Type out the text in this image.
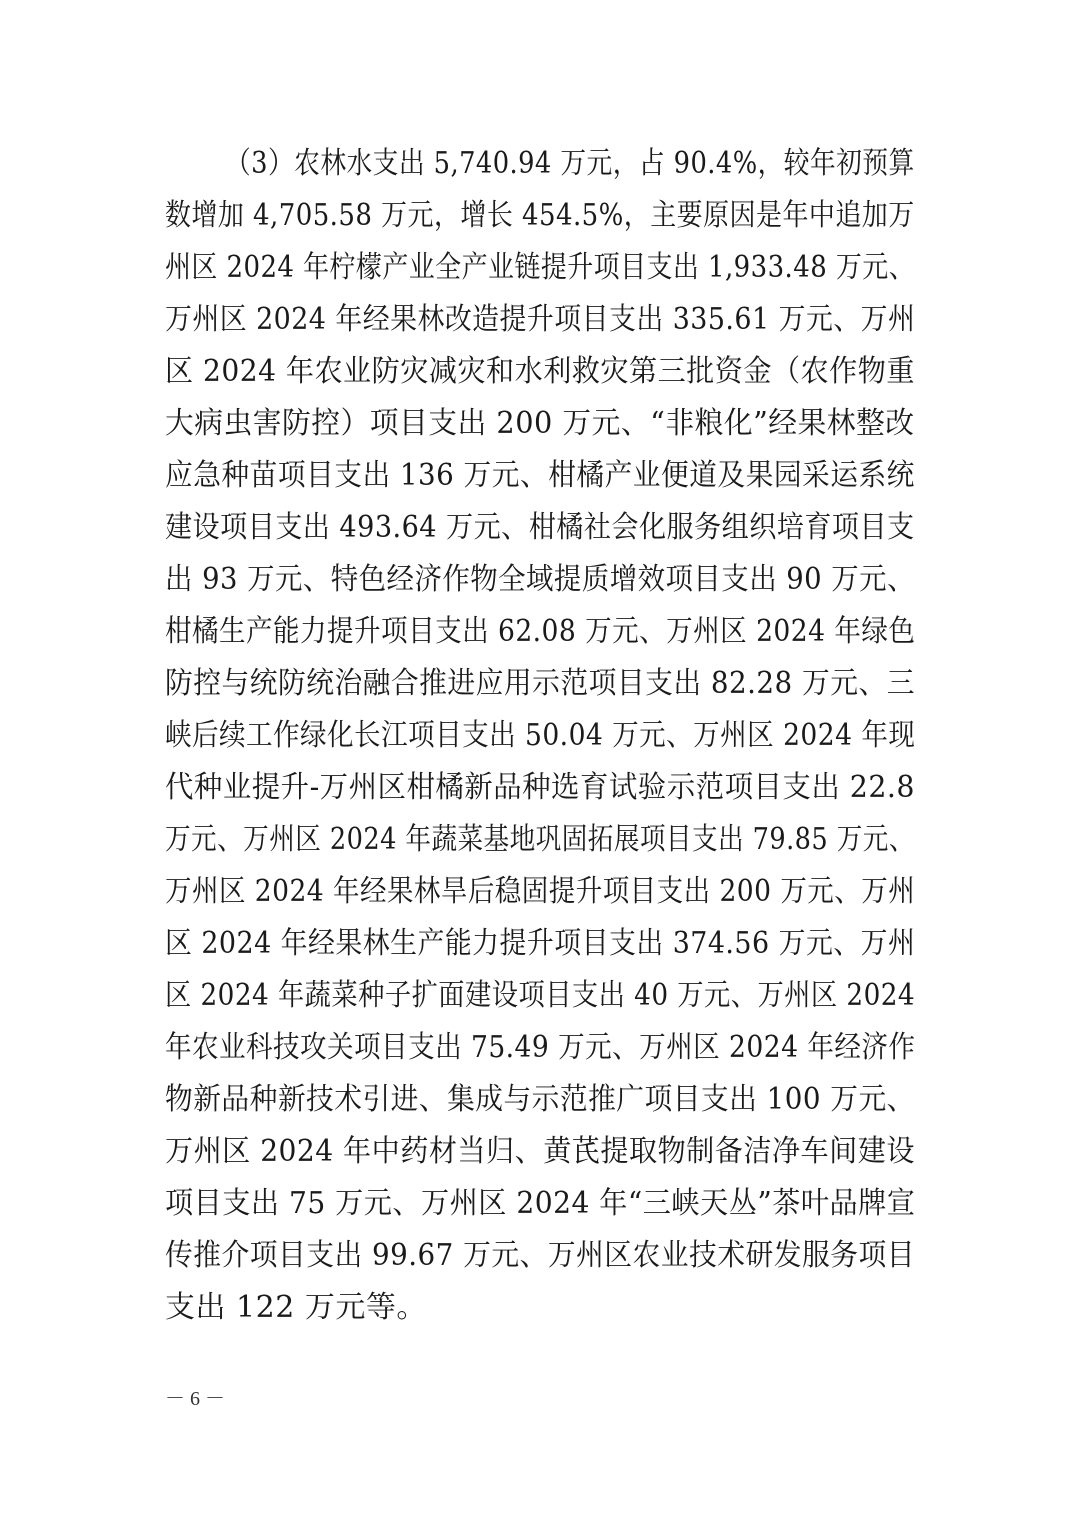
（3）农林水支出 5,740.94 万元，占 90.4%，较年初预算
数增加 4,705.58 万元，增长 454.5%，主要原因是年中追加万
州区 2024 年柠檬产业全产业链提升项目支出 1,933.48 万元、
万州区 2024 年经果林改造提升项目支出 335.61 万元、万州
区 2024 年农业防灾减灾和水利救灾第三批资金（农作物重
大病虫害防控）项目支出 200 万元、“非粮化”经果林整改
应急种苗项目支出 136 万元、柑橘产业便道及果园采运系统
建设项目支出 493.64 万元、柑橘社会化服务组织培育项目支
出 93 万元、特色经济作物全域提质增效项目支出 90 万元、
柑橘生产能力提升项目支出 62.08 万元、万州区 2024 年绿色
防控与统防统治融合推进应用示范项目支出 82.28 万元、三
峡后续工作绿化长江项目支出 50.04 万元、万州区 2024 年现
代种业提升-万州区柑橘新品种选育试验示范项目支出 22.8
万元、万州区 2024 年蔬菜基地巩固拓展项目支出 79.85 万元、
万州区 2024 年经果林旱后稳固提升项目支出 200 万元、万州
区 2024 年经果林生产能力提升项目支出 374.56 万元、万州
区 2024 年蔬菜种子扩面建设项目支出 40 万元、万州区 2024
年农业科技攻关项目支出 75.49 万元、万州区 2024 年经济作
物新品种新技术引进、集成与示范推广项目支出 100 万元、
万州区 2024 年中药材当归、黄芪提取物制备洁净车间建设
项目支出 75 万元、万州区 2024 年“三峡天丛”茶叶品牌宣
传推介项目支出 99.67 万元、万州区农业技术研发服务项目
支出 122 万元等。
－ 6 －
